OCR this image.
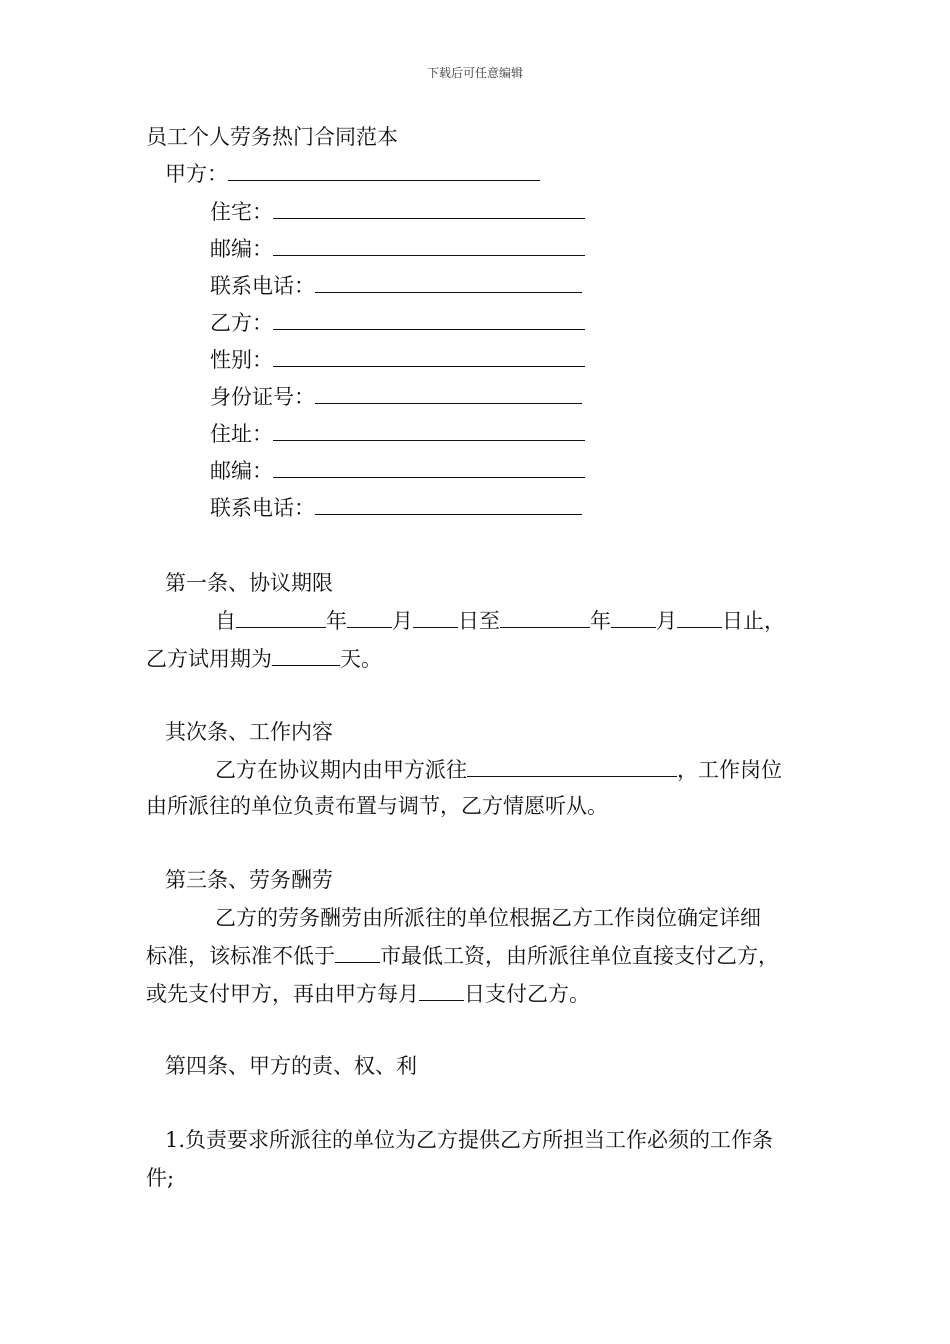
下载后可任意编辑
员工个人劳务热门合同范本
甲方：
住宅：
邮编：
联系电话：
乙方：
性别：
身份证号：
住址：
邮编：
联系电话：
第一条、协议期限
自	年 月 日至	年 月 日止，
乙方试用期为	天。
其次条、工作内容
乙方在协议期内由甲方派往	，工作岗位
由所派往的单位负责布置与调节，乙方情愿听从。
第三条、劳务酬劳
乙方的劳务酬劳由所派往的单位根据乙方工作岗位确定详细
标准，该标准不低于 市最低工资，由所派往单位直接支付乙方，
或先支付甲方，再由甲方每月 日支付乙方。
第四条、甲方的责、权、利
1.负责要求所派往的单位为乙方提供乙方所担当工作必须的工作条
件;
